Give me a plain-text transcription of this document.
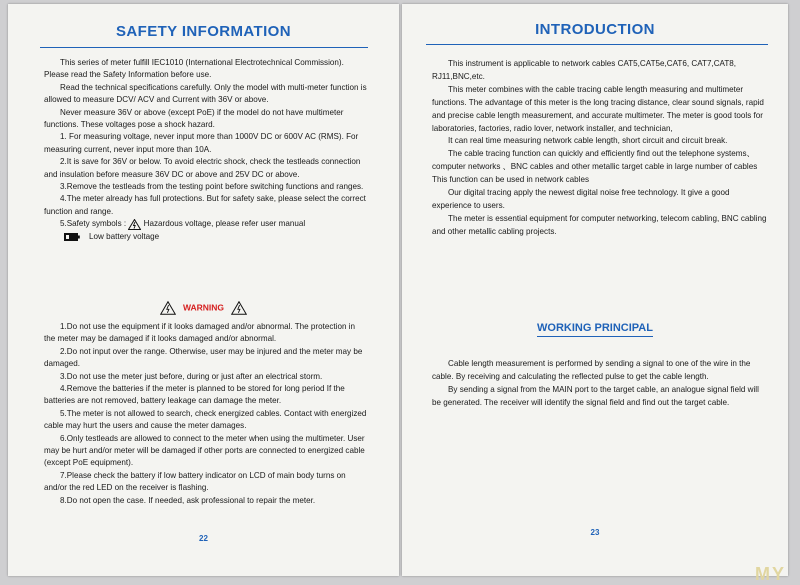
SAFETY INFORMATION

This series of meter fulfill IEC1010 (International Electrotechnical Commission). Please read the Safety Information before use.

Read the technical specifications carefully. Only the model with multi-meter function is allowed to measure DCV/ ACV and Current with 36V or above.

Never measure 36V or above (except PoE) if the model do not have multimeter functions. These voltages pose a shock hazard.

1. For measuring voltage, never input more than 1000V DC or 600V AC (RMS). For measuring current, never input more than 10A.

2.It is save for 36V or below. To avoid electric shock, check the testleads connection and insulation before measure 36V DC or above and 25V DC or above.

3.Remove the testleads from the testing point before switching functions and ranges.

4.The meter already has full protections. But for safety sake, please select the correct function and range.

5.Safety symbols : Hazardous voltage, please refer user manual

Low battery voltage

WARNING

1.Do not use the equipment if it looks damaged and/or abnormal. The protection in the meter may be damaged if it looks damaged and/or abnormal.

2.Do not input over the range. Otherwise, user may be injured and the meter may be damaged.

3.Do not use the meter just before, during or just after an electrical storm.

4.Remove the batteries if the meter is planned to be stored for long period If the batteries are not removed, battery leakage can damage the meter.

5.The meter is not allowed to search, check energized cables. Contact with energized cable may hurt the users and cause the meter damages.

6.Only testleads are allowed to connect to the meter when using the multimeter. User may be hurt and/or meter will be damaged if other ports are connected to energized cable (except PoE equipment).

7.Please check the battery if low battery indicator on LCD of main body turns on and/or the red LED on the receiver is flashing.

8.Do not open the case. If needed, ask professional to repair the meter.

22
INTRODUCTION

This instrument is applicable to network cables CAT5,CAT5e,CAT6, CAT7,CAT8, RJ11,BNC,etc.

This meter combines with the cable tracing cable length measuring and multimeter functions. The advantage of this meter is the long tracing distance, clear sound signals, rapid and precise cable length measurement, and accurate multimeter. The meter is good tools for laboratories, factories, radio lover, network installer, and technician,

It can real time measuring network cable length, short circuit and circuit break.

The cable tracing function can quickly and efficiently find out the telephone systems、 computer networks 、BNC cables and other metallic target cable in large number of cables This function can be used in network cables

Our digital tracing apply the newest digital noise free technology. It give a good experience to users.

The meter is essential equipment for computer networking, telecom cabling, BNC cabling and other metallic cabling projects.

WORKING PRINCIPAL

Cable length measurement is performed by sending a signal to one of the wire in the cable. By receiving and calculating the reflected pulse to get the cable length.

By sending a signal from the MAIN port to the target cable, an analogue signal field will be generated. The receiver will identify the signal field and find out the target cable.

23
MY
